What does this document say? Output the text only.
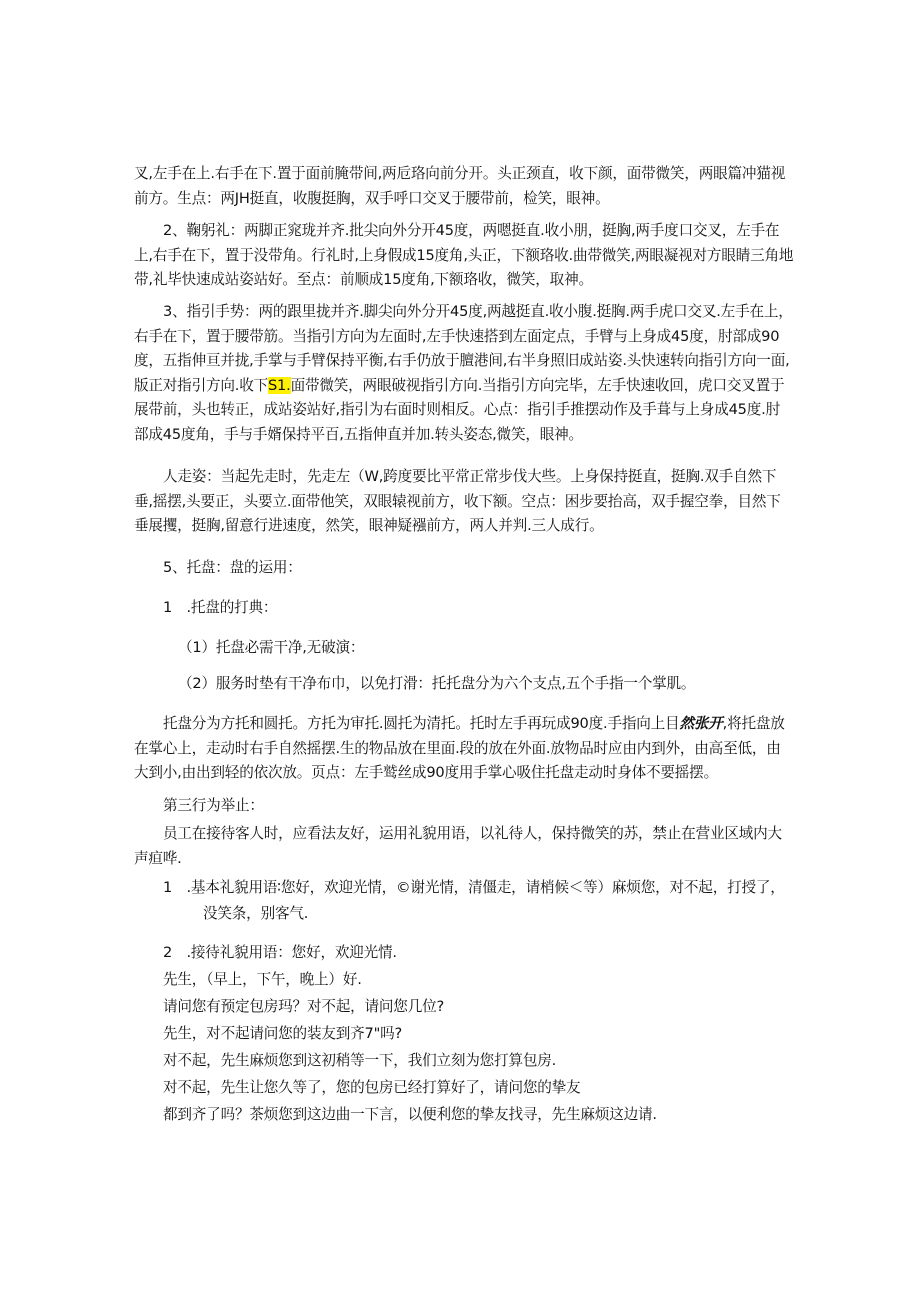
叉,左手在上.右手在下.置于面前腌带间,两卮珞向前分开。头正颈直，收下颜，面带微笑，两眼篇冲猫视前方。生点：两JH挺直，收腹挺胸，双手呼口交叉于腰带前，检笑，眼神。

2、鞠躬礼：两脚正窕珑并齐.批尖向外分开45度，两嗯挺直.收小朋，挺胸,两手度口交叉，左手在上,右手在下，置于没带角。行礼时,上身假成15度角,头正，下额珞收.曲带微笑,两眼凝视对方眼睛三角地带,礼毕快速成站姿站好。至点：前顺成15度角,下额珞收，微笑，取神。

3、指引手势：两的跟里拢并齐.脚尖向外分开45度,两越挺直.收小腹.挺胸.两手虎口交叉.左手在上，右手在下，置于腰带筋。当指引方向为左面时,左手快速搭到左面定点，手臂与上身成45度，肘部成90度，五指伸亘并拢,手掌与手臂保持平衡,右手仍放于膻港间,右半身照旧成站姿.头快速转向指引方向一面,版正对指引方向.收下S1.面带微笑，两眼破视指引方向.当指引方向完毕，左手快速收回，虎口交叉置于展带前，头也转正，成站姿站好,指引为右面时则相反。心点：指引手推摆动作及手葺与上身成45度.肘部成45度角，手与手婿保持平百,五指伸直并加.转头姿态,微笑，眼神。

人走姿：当起先走时，先走左（W,跨度要比平常正常步伐大些。上身保持挺直，挺胸.双手自然下垂,摇摆,头要正，头要立.面带他笑，双眼辕视前方，收下额。空点：困步要抬高，双手握空拳，目然下垂展攫，挺胸,留意行进速度，然笑，眼神疑襁前方，两人并判.三人成行。

5、托盘：盘的运用：

1　.托盘的打典：

（1）托盘必需干净,无破演：

（2）服务时垫有干净布巾，以免打滑：托托盘分为六个支点,五个手指一个掌肌。

托盘分为方托和圆托。方托为审托.圆托为清托。托时左手再玩成90度.手指向上目然张开,将托盘放在掌心上，走动时右手自然摇摆.生的物品放在里面.段的放在外面.放物品时应由内到外，由高至低，由大到小,由出到轻的依次放。页点：左手鹫丝成90度用手掌心吸住托盘走动时身体不要摇摆。

第三行为举止：

员工在接待客人时，应看法友好，运用礼貌用语，以礼待人，保持微笑的苏，禁止在营业区域内大声疸哗.

1　.基本礼貌用语∶您好，欢迎光情，©谢光情，清僵走，请梢候＜等）麻烦您，对不起，打授了，

没笑条，别客气.

2　.接待礼貌用语：您好，欢迎光情.

先生，（早上，下午，晚上）好.

请问您有预定包房玛？对不起，请问您几位?

先生，对不起请问您的装友到齐7"吗?

对不起，先生麻烦您到这初稍等一下，我们立刻为您打算包房.

对不起，先生让您久等了，您的包房已经打算好了，请问您的挚友

都到齐了吗？茶烦您到这边曲一下言，以便利您的挚友找寻，先生麻烦这边请.
